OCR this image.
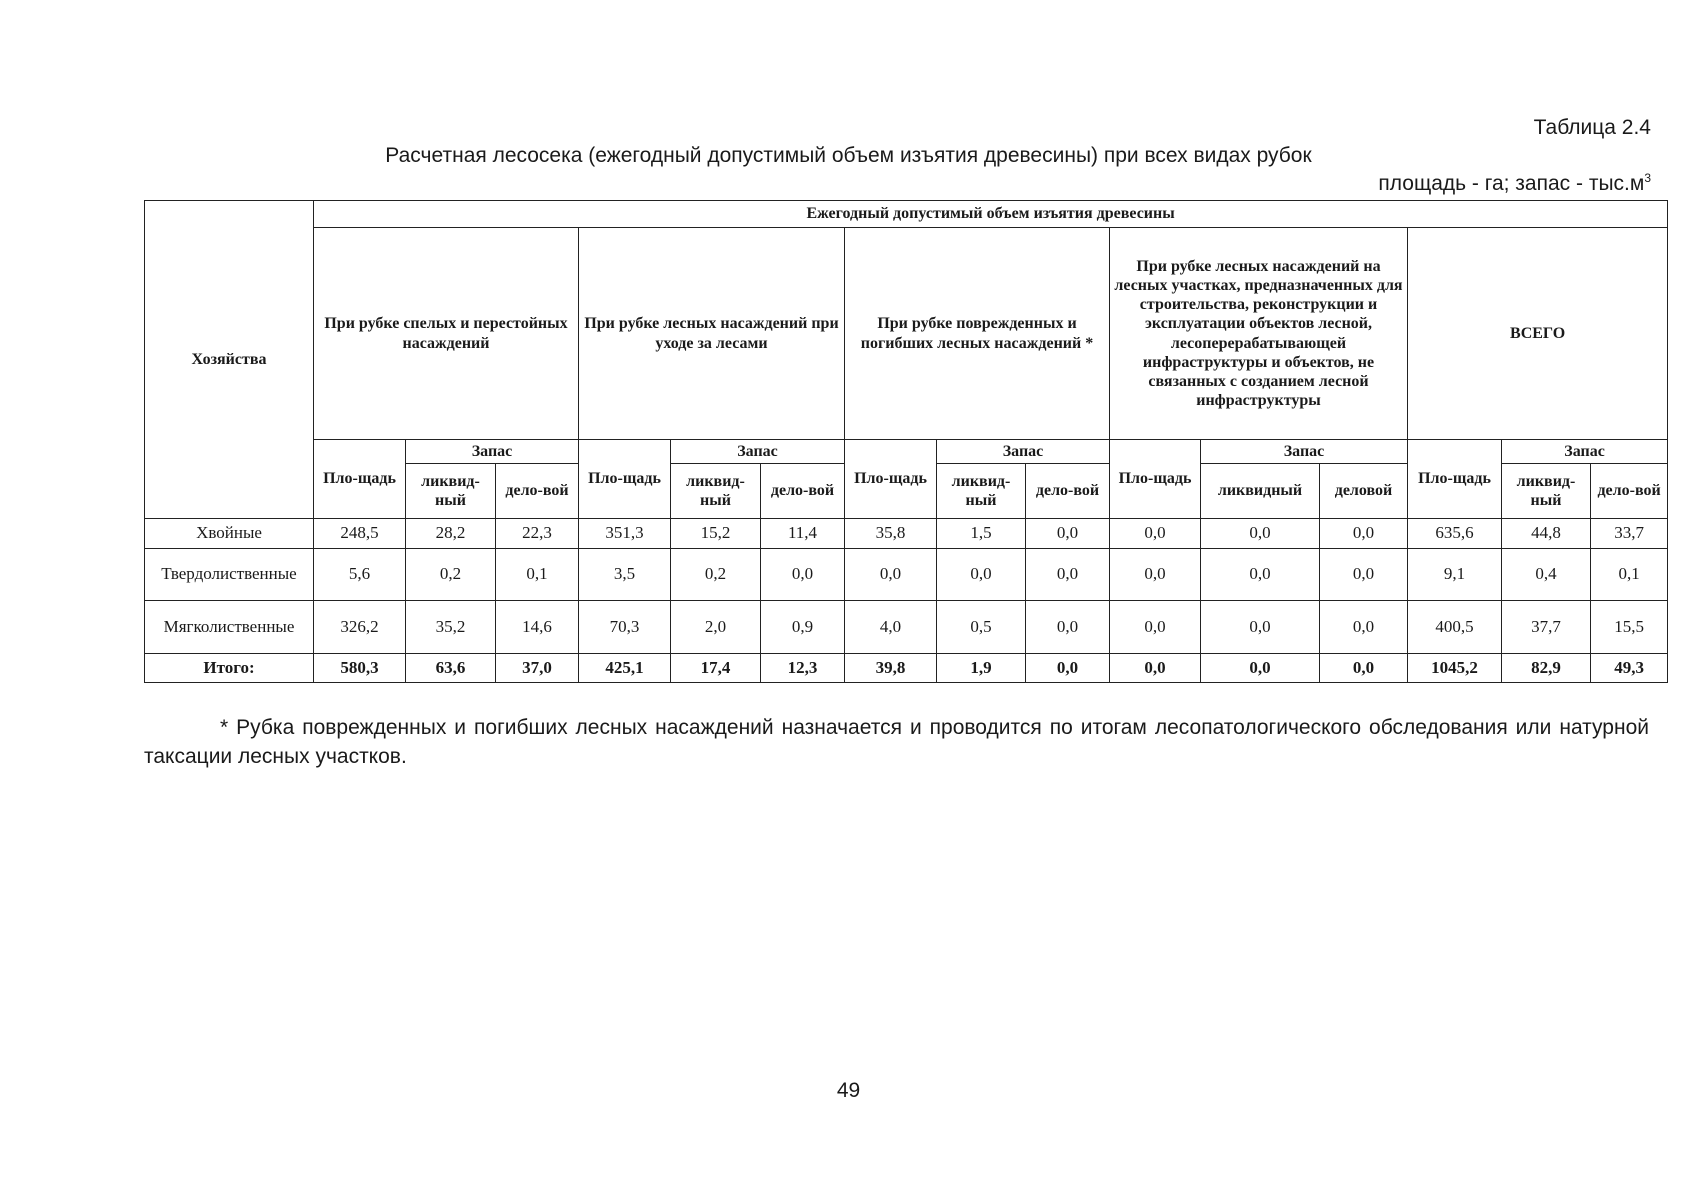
Таблица 2.4
Расчетная лесосека (ежегодный допустимый объем изъятия древесины) при всех видах рубок
площадь - га; запас - $тыс.м^3$
Хозяйства	Ежегодный допустимый объем изъятия древесины														
	При рубке спелых и перестойных насаждений			При рубке лесных насаждений при уходе за лесами			При рубке поврежденных и погибших лесных насаждений *			При рубке лесных насаждений на лесных участках, предназначенных для строительства, реконструкции и эксплуатации объектов лесной, лесоперерабатывающей инфраструктуры и объектов, не связанных с созданием лесной инфраструктуры			ВСЕГО		
	Пло-щадь	Запас		Пло-щадь	Запас		Пло-щадь	Запас		Пло-щадь	Запас		Пло-щадь	Запас	
		ликвид-ный	дело-вой		ликвид-ный	дело-вой		ликвид-ный	дело-вой		ликвидный	деловой		ликвид-ный	дело-вой
Хвойные	248,5	28,2	22,3	351,3	15,2	11,4	35,8	1,5	0,0	0,0	0,0	0,0	635,6	44,8	33,7
Твердолиственные	5,6	0,2	0,1	3,5	0,2	0,0	0,0	0,0	0,0	0,0	0,0	0,0	9,1	0,4	0,1
Мягколиственные	326,2	35,2	14,6	70,3	2,0	0,9	4,0	0,5	0,0	0,0	0,0	0,0	400,5	37,7	15,5
Итого:	580,3	63,6	37,0	425,1	17,4	12,3	39,8	1,9	0,0	0,0	0,0	0,0	1045,2	82,9	49,3
* Рубка поврежденных и погибших лесных насаждений назначается и проводится по итогам лесопатологического обследования или натурной таксации лесных участков.
49
